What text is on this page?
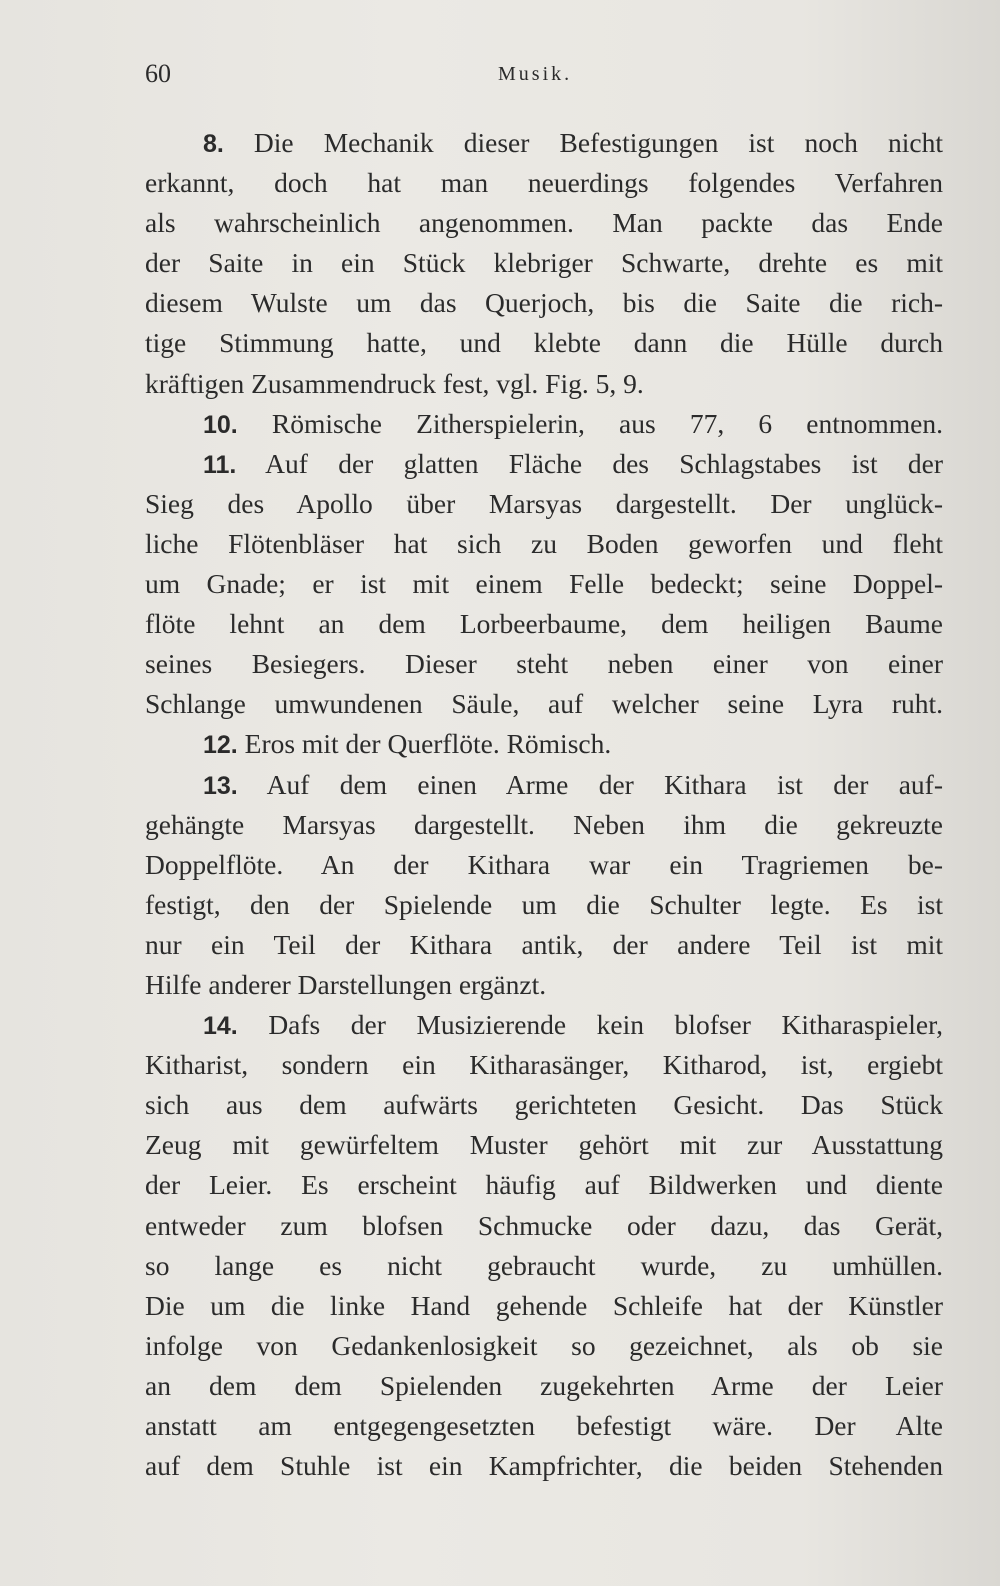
60	Musik.
8. Die Mechanik dieser Befestigungen ist noch nicht
erkannt, doch hat man neuerdings folgendes Verfahren
als wahrscheinlich angenommen. Man packte das Ende
der Saite in ein Stück klebriger Schwarte, drehte es mit
diesem Wulste um das Querjoch, bis die Saite die rich-
tige Stimmung hatte, und klebte dann die Hülle durch
kräftigen Zusammendruck fest, vgl. Fig. 5, 9.
10. Römische Zitherspielerin, aus 77, 6 entnommen.
11. Auf der glatten Fläche des Schlagstabes ist der
Sieg des Apollo über Marsyas dargestellt. Der unglück-
liche Flötenbläser hat sich zu Boden geworfen und fleht
um Gnade; er ist mit einem Felle bedeckt; seine Doppel-
flöte lehnt an dem Lorbeerbaume, dem heiligen Baume
seines Besiegers. Dieser steht neben einer von einer
Schlange umwundenen Säule, auf welcher seine Lyra ruht.
12. Eros mit der Querflöte. Römisch.
13. Auf dem einen Arme der Kithara ist der auf-
gehängte Marsyas dargestellt. Neben ihm die gekreuzte
Doppelflöte. An der Kithara war ein Tragriemen be-
festigt, den der Spielende um die Schulter legte. Es ist
nur ein Teil der Kithara antik, der andere Teil ist mit
Hilfe anderer Darstellungen ergänzt.
14. Dafs der Musizierende kein blofser Kitharaspieler,
Kitharist, sondern ein Kitharasänger, Kitharod, ist, ergiebt
sich aus dem aufwärts gerichteten Gesicht. Das Stück
Zeug mit gewürfeltem Muster gehört mit zur Ausstattung
der Leier. Es erscheint häufig auf Bildwerken und diente
entweder zum blofsen Schmucke oder dazu, das Gerät,
so lange es nicht gebraucht wurde, zu umhüllen.
Die um die linke Hand gehende Schleife hat der Künstler
infolge von Gedankenlosigkeit so gezeichnet, als ob sie
an dem dem Spielenden zugekehrten Arme der Leier
anstatt am entgegengesetzten befestigt wäre. Der Alte
auf dem Stuhle ist ein Kampfrichter, die beiden Stehenden
